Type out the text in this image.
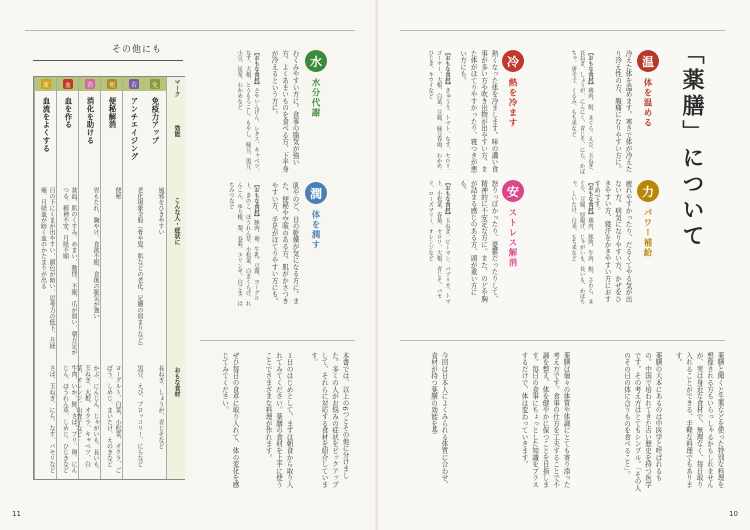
「薬膳」について
温
体を温める
冷えた体を温めます。寒さで体が冷えたり冷え性の方、腹痛になりやすい方に。
【おもな食材】鶏肉、鮭、まぐろ、えび、玉ねぎ、長ねぎ、しょうが、にんにく、青じそ、にら、かぼちゃ、唐辛子、くるみ、もち米など
冷
熱を冷ます
熱くなった体を冷まします。味の濃い食事が多い方や吹き出物が出やすい方、また体がほてりやすかったり、寝つきが悪い方にも。
【おもな食材】きゅうり、トマト、なす、セロリ、ゴーヤー、大根、白菜、豆腐、緑豆春雨、わかめ、ひじき、キウイなど
力
パワー補給
疲れやすかったり、だるくてやる気が出ない方、病気になりやすい方、かぜをひきやすい方、寝汗をかきやすい方におすすめです。
【おもな食材】鶏肉、豚肉、牛肉、鮭、さわら、まぐろ、豆腐、厚揚げ、じゃがいも、長いも、かぼちゃ、しいたけ、白米、もち米など
安
ストレス解消
怒りっぽかったり、憂鬱だったりして、精神的に不安定な方に。また、のどや胸が詰まる感じのある方、頭が重い方にも。
【おもな食材】玉ねぎ、ピーマン、パプリカ、トマト、小松菜、春菊、セロリ、大根、青じそ、パセリ、ローズマリー、オレンジなど
薬膳と聞くと生薬などを使った特別な料理を想像される方もいらっしゃるかもしれませんが、実は身近な食材で、無理なく、毎日取り入れることができる、手軽な料理でもあります。
薬膳の大本にあるのは中医学と呼ばれるもの。中国で培われてきた古い歴史を持つ医学です。その考え方はとてもシンプル。「その人のその日の体に合うものを食べること」。
薬膳は個々の体質や体調にとても寄り添った考え方です。食事の仕方を工夫することで不調を整え、体を健やかに保つことを目指します。毎日の食事にちょっとした知識をプラスするだけで、体は変わっていきます。
今回は日本人によくみられる体質に合わせ、食材が持つ薬膳の効能を基
10
水
水分代謝
むくみやすい方に。食事の脂気が強い方、よくあまいものを食べる方、下半身が冷えるという方に。
【おもな食材】さやいんげん、レタス、キャベツ、なす、大根、とうもろこし、もやし、緑豆、黒豆、小豆、昆布、わかめなど
潤
体を潤す
肌やのど、目の乾燥が気になる方に。また、便秘や空咳のある方、肌がかさつきやすい方、手足がほてりやすい方にも。
【おもな食材】豚肉、卵、牛乳、豆腐、ヨーグルト、きのこ、ほうれん草、小松菜、白きくらげ、れんこん、ゆり根、梨、春菊、エリンギ、白ごま、はちみつなど
本書では、以上の6つとその他に分けました。多くの人がお悩みの症状をピックアップして、それらに対応する食材を紹介しています。
１日のはじめとして、まずは朝食から取り入れてみてください。薬膳の食材を上手に使うことでさまざまな料理が作れます。
ぜひ毎日の食卓に取り入れて、体の変化を感じてみてください。
その他にも
マーク
効能
こんな人・症状に
おもな食材
免
免疫力アップ
風邪をひきやすい
長ねぎ、しょうが、青じそなど
若
アンチエイジング
老化現象全般（骨や髪、肌などの老化、足腰の弱まりなど）
黒豆、えび、ブロッコリー、にらなど
便
便秘解消
便秘
ヨーグルト、白菜、小松菜、オクラ、ごぼう、しめじ、まいたけ、えのきなど
消
消化を助ける
胃もたれ、胸やけ、食欲不振、食後の眠気が強い
かぶ、にんじん、じゃがいも、長いも、玉ねぎ、大根、オクラ、キャベツ、白菜、オレンジ、山査子など
血
血を作る
貧血、肌のくすみ、めまい、動悸、不眠、爪が弱い、朝方足がつる、精神不安、月経不順
牛肉、いか、鮭、さば、ブリ、卵、にんじん、ほうれん草、しめじ、ひじきなど
流
血流をよくする
目の下にくまが出やすい、顔色が暗い、思考力の低下、月経痛、月経血が暗く血のかたまりが出る
さば、玉ねぎ、にら、なす、パセリなど
11
